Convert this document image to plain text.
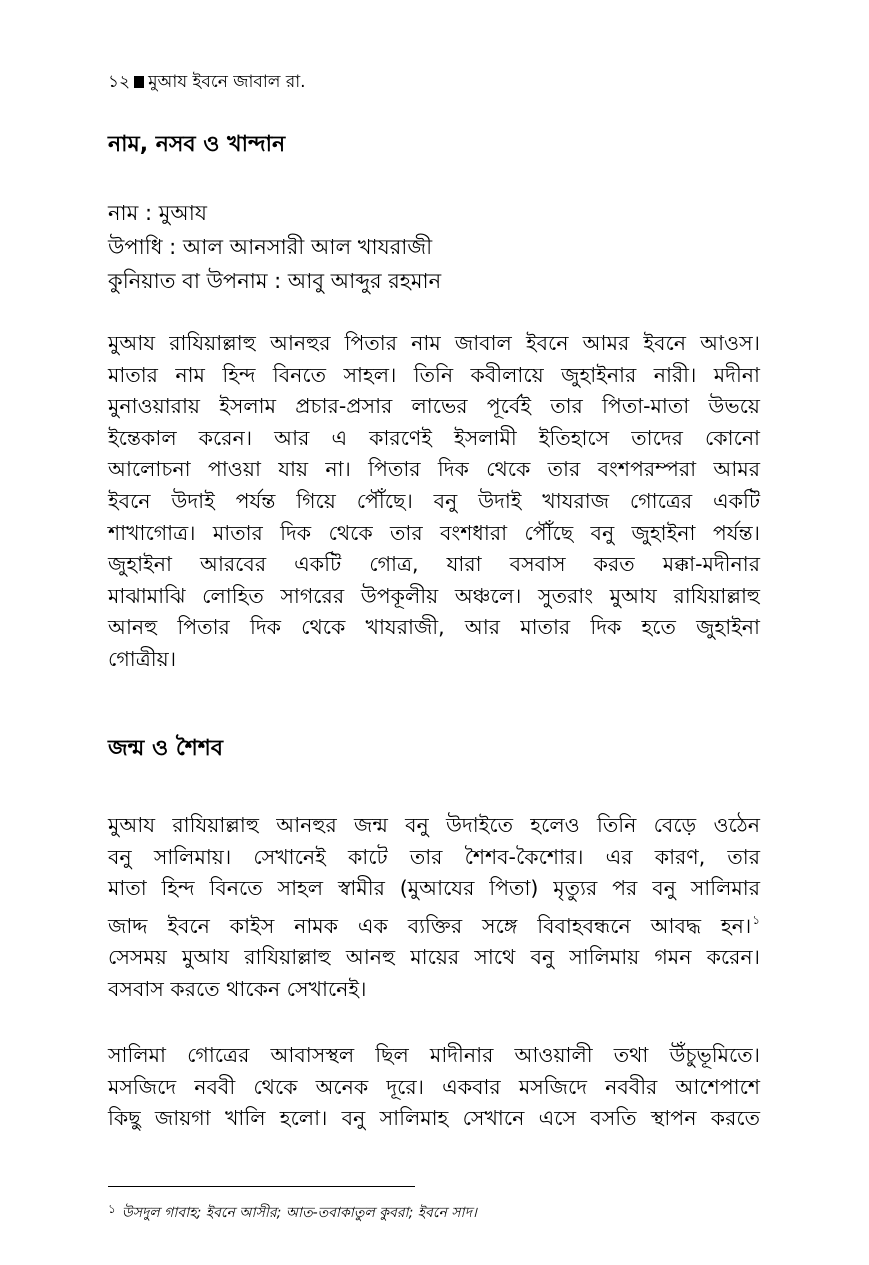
১২ মুআয ইবনে জাবাল রা.
নাম, নসব ও খান্দান
নাম : মুআয
উপাধি : আল আনসারী আল খাযরাজী
কুনিয়াত বা উপনাম : আবু আব্দুর রহমান
মুআয রাযিয়াল্লাহু আনহুর পিতার নাম জাবাল ইবনে আমর ইবনে আওস।
মাতার নাম হিন্দ বিনতে সাহল। তিনি কবীলায়ে জুহাইনার নারী। মদীনা
মুনাওয়ারায় ইসলাম প্রচার-প্রসার লাভের পূর্বেই তার পিতা-মাতা উভয়ে
ইন্তেকাল করেন। আর এ কারণেই ইসলামী ইতিহাসে তাদের কোনো
আলোচনা পাওয়া যায় না। পিতার দিক থেকে তার বংশপরম্পরা আমর
ইবনে উদাই পর্যন্ত গিয়ে পৌঁছে। বনু উদাই খাযরাজ গোত্রের একটি
শাখাগোত্র। মাতার দিক থেকে তার বংশধারা পৌঁছে বনু জুহাইনা পর্যন্ত।
জুহাইনা আরবের একটি গোত্র, যারা বসবাস করত মক্কা-মদীনার
মাঝামাঝি লোহিত সাগরের উপকূলীয় অঞ্চলে। সুতরাং মুআয রাযিয়াল্লাহু
আনহু পিতার দিক থেকে খাযরাজী, আর মাতার দিক হতে জুহাইনা
গোত্রীয়।
জন্ম ও শৈশব
মুআয রাযিয়াল্লাহু আনহুর জন্ম বনু উদাইতে হলেও তিনি বেড়ে ওঠেন
বনু সালিমায়। সেখানেই কাটে তার শৈশব-কৈশোর। এর কারণ, তার
মাতা হিন্দ বিনতে সাহল স্বামীর (মুআযের পিতা) মৃত্যুর পর বনু সালিমার
জাদ্দ ইবনে কাইস নামক এক ব্যক্তির সঙ্গে বিবাহবন্ধনে আবদ্ধ হন।$^১$
সেসময় মুআয রাযিয়াল্লাহু আনহু মায়ের সাথে বনু সালিমায় গমন করেন।
বসবাস করতে থাকেন সেখানেই।
সালিমা গোত্রের আবাসস্থল ছিল মাদীনার আওয়ালী তথা উঁচুভূমিতে।
মসজিদে নববী থেকে অনেক দূরে। একবার মসজিদে নববীর আশেপাশে
কিছু জায়গা খালি হলো। বনু সালিমাহ সেখানে এসে বসতি স্থাপন করতে
১ উসদুল গাবাহ; ইবনে আসীর; আত-তবাকাতুল কুবরা; ইবনে সাদ।
